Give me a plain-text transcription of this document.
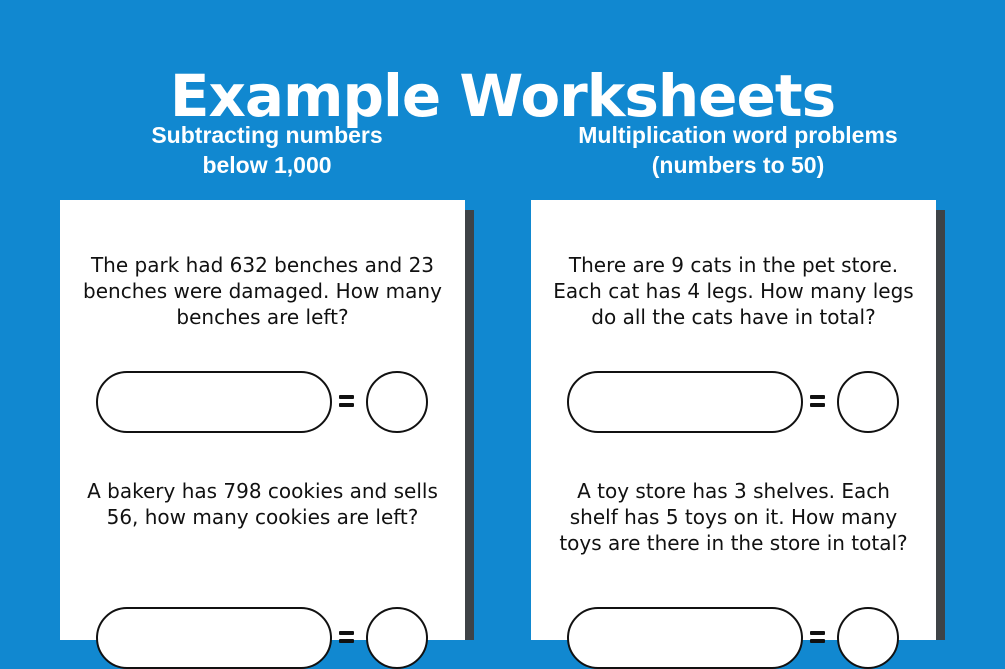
Example Worksheets
Subtracting numbers
below 1,000
Multiplication word problems
(numbers to 50)
The park had 632 benches and 23
benches were damaged. How many
benches are left?
A bakery has 798 cookies and sells
56, how many cookies are left?
There are 9 cats in the pet store.
Each cat has 4 legs. How many legs
do all the cats have in total?
A toy store has 3 shelves. Each
shelf has 5 toys on it. How many
toys are there in the store in total?
